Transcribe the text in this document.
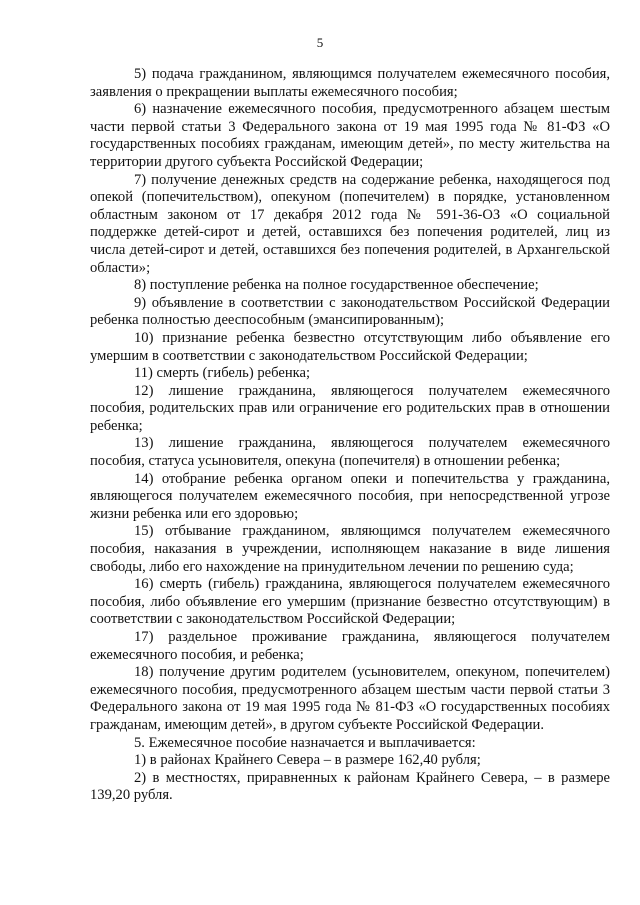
5

5) подача гражданином, являющимся получателем ежемесячного пособия, заявления о прекращении выплаты ежемесячного пособия;

6) назначение ежемесячного пособия, предусмотренного абзацем шестым части первой статьи 3 Федерального закона от 19 мая 1995 года № 81-ФЗ «О государственных пособиях гражданам, имеющим детей», по месту жительства на территории другого субъекта Российской Федерации;

7) получение денежных средств на содержание ребенка, находящегося под опекой (попечительством), опекуном (попечителем) в порядке, установленном областным законом от 17 декабря 2012 года № 591-36-ОЗ «О социальной поддержке детей-сирот и детей, оставшихся без попечения родителей, лиц из числа детей-сирот и детей, оставшихся без попечения родителей, в Архангельской области»;

8) поступление ребенка на полное государственное обеспечение;

9) объявление в соответствии с законодательством Российской Федерации ребенка полностью дееспособным (эмансипированным);

10) признание ребенка безвестно отсутствующим либо объявление его умершим в соответствии с законодательством Российской Федерации;

11) смерть (гибель) ребенка;

12) лишение гражданина, являющегося получателем ежемесячного пособия, родительских прав или ограничение его родительских прав в отношении ребенка;

13) лишение гражданина, являющегося получателем ежемесячного пособия, статуса усыновителя, опекуна (попечителя) в отношении ребенка;

14) отобрание ребенка органом опеки и попечительства у гражданина, являющегося получателем ежемесячного пособия, при непосредственной угрозе жизни ребенка или его здоровью;

15) отбывание гражданином, являющимся получателем ежемесячного пособия, наказания в учреждении, исполняющем наказание в виде лишения свободы, либо его нахождение на принудительном лечении по решению суда;

16) смерть (гибель) гражданина, являющегося получателем ежемесячного пособия, либо объявление его умершим (признание безвестно отсутствующим) в соответствии с законодательством Российской Федерации;

17) раздельное проживание гражданина, являющегося получателем ежемесячного пособия, и ребенка;

18) получение другим родителем (усыновителем, опекуном, попечителем) ежемесячного пособия, предусмотренного абзацем шестым части первой статьи 3 Федерального закона от 19 мая 1995 года № 81-ФЗ «О государственных пособиях гражданам, имеющим детей», в другом субъекте Российской Федерации.

5. Ежемесячное пособие назначается и выплачивается:

1) в районах Крайнего Севера – в размере 162,40 рубля;

2) в местностях, приравненных к районам Крайнего Севера, – в размере 139,20 рубля.
